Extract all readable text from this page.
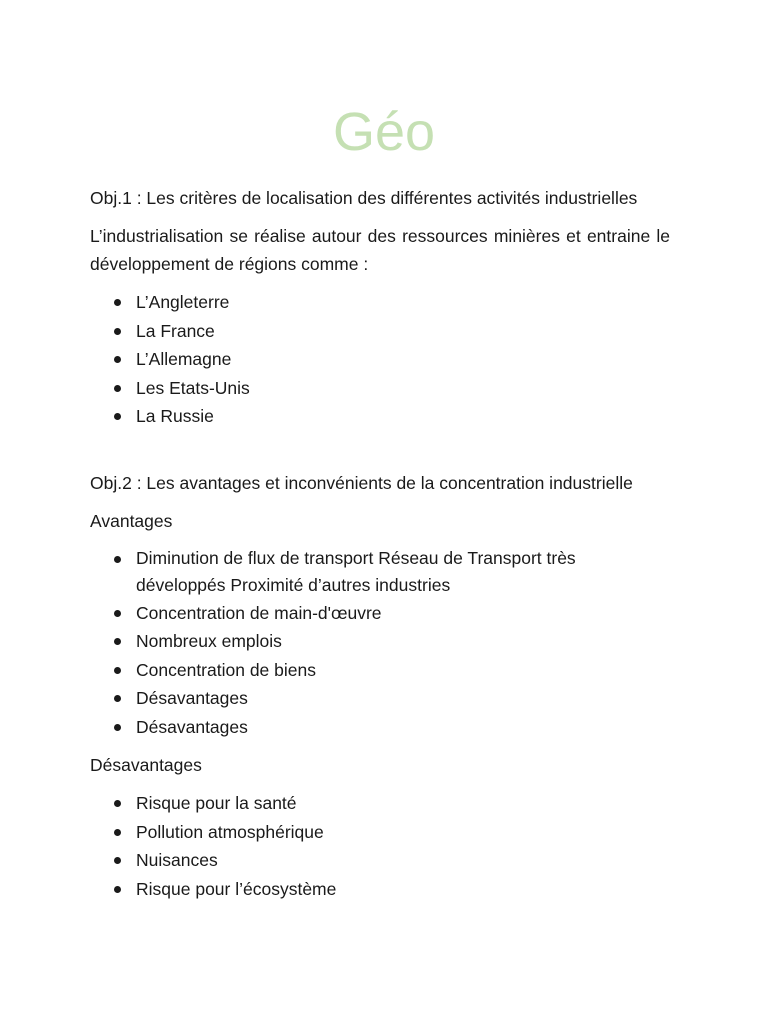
Géo

Obj.1 : Les critères de localisation des différentes activités industrielles

L’industrialisation se réalise autour des ressources minières et entraine le développement de régions comme :

L’Angleterre
La France
L’Allemagne
Les Etats-Unis
La Russie

Obj.2 : Les avantages et inconvénients de la concentration industrielle

Avantages

Diminution de flux de transport Réseau de Transport très développés Proximité d’autres industries
Concentration de main-d'œuvre
Nombreux emplois
Concentration de biens
Désavantages
Désavantages

Désavantages

Risque pour la santé
Pollution atmosphérique
Nuisances
Risque pour l’écosystème
